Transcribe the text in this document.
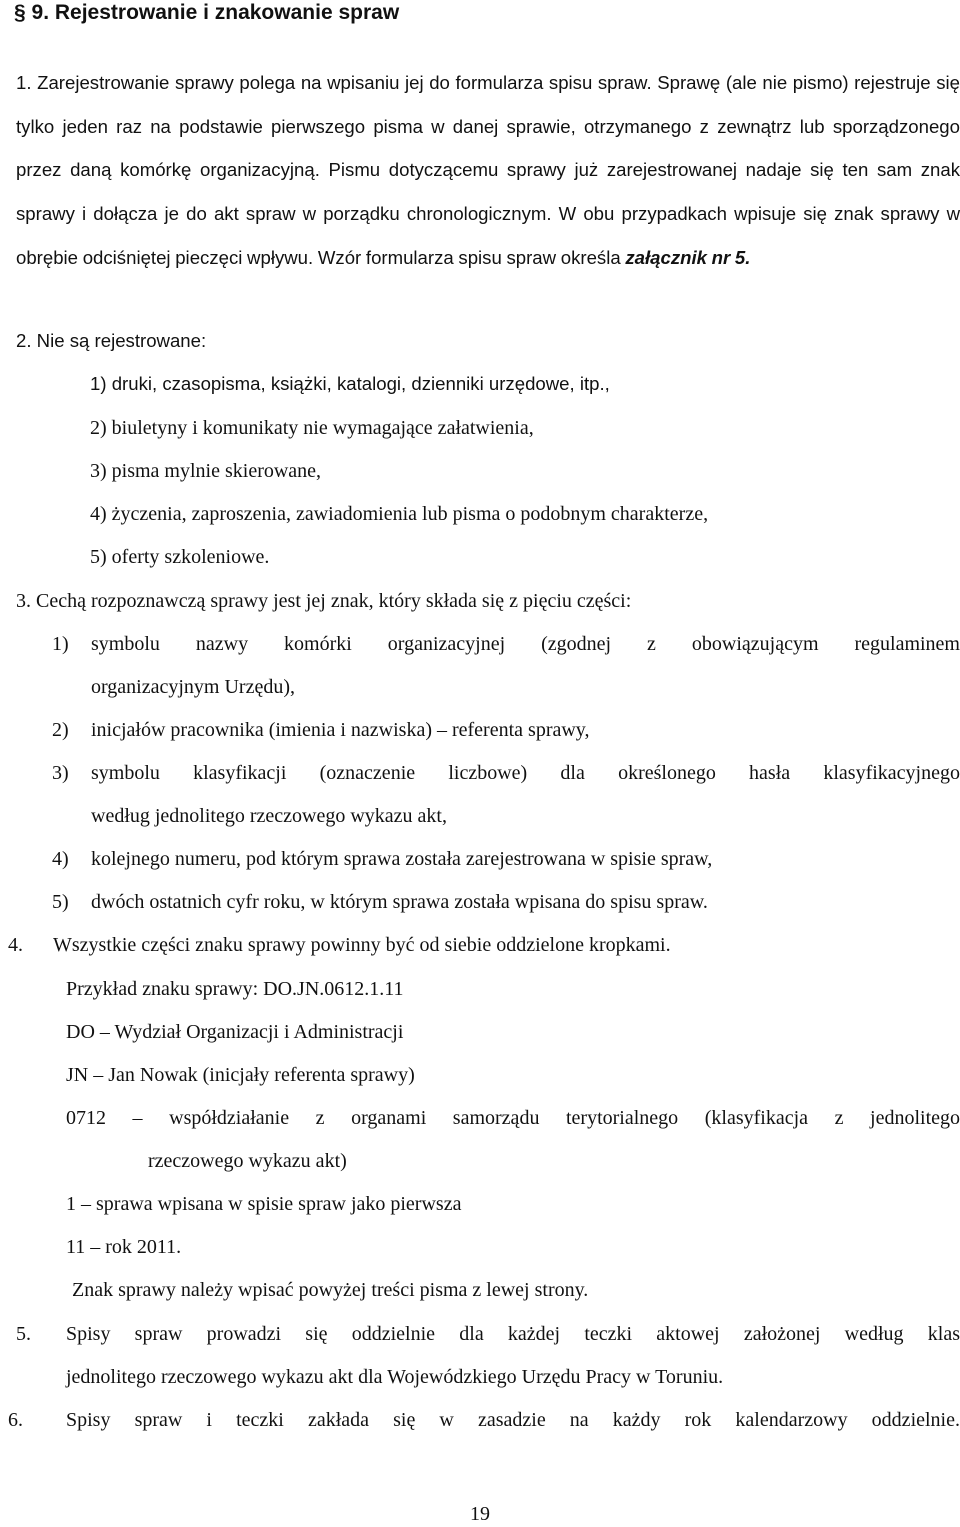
§ 9. Rejestrowanie i znakowanie spraw

1. Zarejestrowanie sprawy polega na wpisaniu jej do formularza spisu spraw. Sprawę (ale nie pismo) rejestruje się tylko jeden raz na podstawie pierwszego pisma w danej sprawie, otrzymanego z zewnątrz lub sporządzonego przez daną komórkę organizacyjną. Pismu dotyczącemu sprawy już zarejestrowanej nadaje się ten sam znak sprawy i dołącza je do akt spraw w porządku chronologicznym. W obu przypadkach wpisuje się znak sprawy w obrębie odciśniętej pieczęci wpływu. Wzór formularza spisu spraw określa załącznik nr 5.

2. Nie są rejestrowane:

1) druki, czasopisma, książki, katalogi, dzienniki urzędowe, itp.,

2) biuletyny i komunikaty nie wymagające załatwienia,

3) pisma mylnie skierowane,

4) życzenia, zaproszenia, zawiadomienia lub pisma o podobnym charakterze,

5) oferty szkoleniowe.

3. Cechą rozpoznawczą sprawy jest jej znak, który składa się z pięciu części:

1) symbolu nazwy komórki organizacyjnej (zgodnej z obowiązującym regulaminem

organizacyjnym Urzędu),

2) inicjałów pracownika (imienia i nazwiska) – referenta sprawy,

3) symbolu klasyfikacji (oznaczenie liczbowe) dla określonego hasła klasyfikacyjnego

według jednolitego rzeczowego wykazu akt,

4) kolejnego numeru, pod którym sprawa została zarejestrowana w spisie spraw,

5) dwóch ostatnich cyfr roku, w którym sprawa została wpisana do spisu spraw.

4. Wszystkie części znaku sprawy powinny być od siebie oddzielone kropkami.

Przykład znaku sprawy: DO.JN.0612.1.11

DO – Wydział Organizacji i Administracji

JN – Jan Nowak (inicjały referenta sprawy)

0712 – współdziałanie z organami samorządu terytorialnego (klasyfikacja z jednolitego

rzeczowego wykazu akt)

1 – sprawa wpisana w spisie spraw jako pierwsza

11 – rok 2011.

Znak sprawy należy wpisać powyżej treści pisma z lewej strony.

5. Spisy spraw prowadzi się oddzielnie dla każdej teczki aktowej założonej według klas

jednolitego rzeczowego wykazu akt dla Wojewódzkiego Urzędu Pracy w Toruniu.

6. Spisy spraw i teczki zakłada się w zasadzie na każdy rok kalendarzowy oddzielnie.

19
